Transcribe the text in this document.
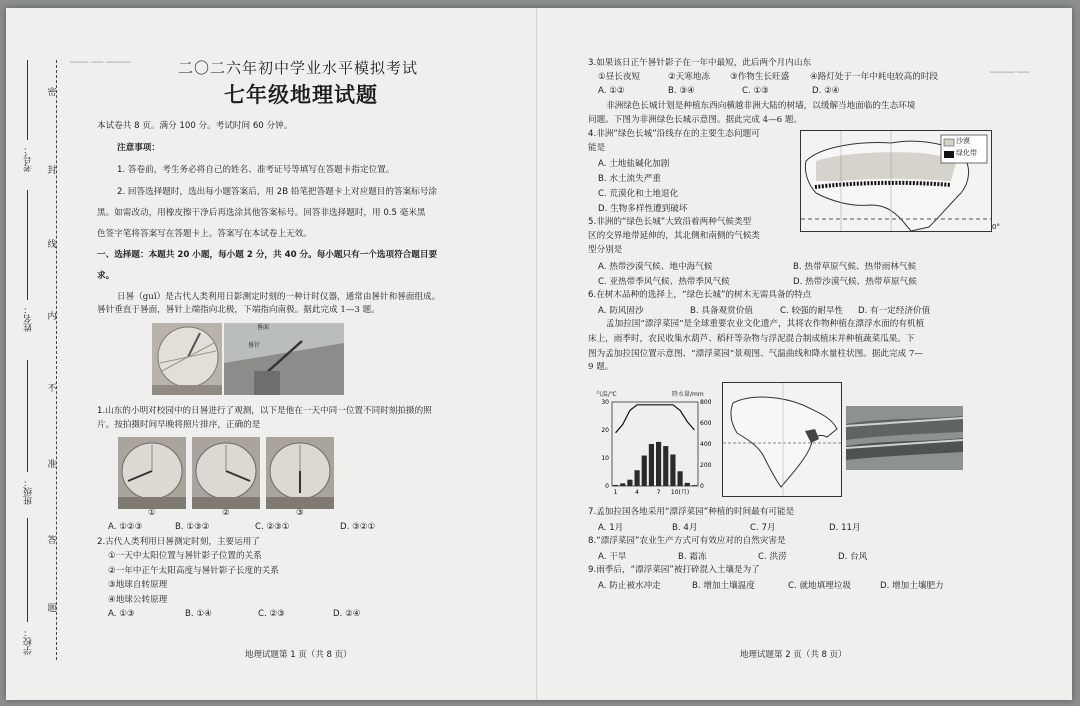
▔▔▔ ▔▔ ▔▔▔▔
▔▔▔▔ ▔▔
密
封
线
内
不
准
答
题
考号：
姓名：
班级：
学校：
二〇二六年初中学业水平模拟考试
七年级地理试题
本试卷共 8 页。满分 100 分。考试时间 60 分钟。
注意事项：
1. 答卷前，考生务必将自己的姓名、准考证号等填写在答题卡指定位置。
2. 回答选择题时，选出每小题答案后，用 2B 铅笔把答题卡上对应题目的答案标号涂
黑。如需改动，用橡皮擦干净后再选涂其他答案标号。回答非选择题时，用 0.5 毫米黑
色签字笔将答案写在答题卡上。答案写在本试卷上无效。
一、选择题：本题共 20 小题，每小题 2 分，共 40 分。每小题只有一个选项符合题目要
求。
日晷（guǐ）是古代人类利用日影测定时刻的一种计时仪器，通常由晷针和晷面组成。
晷针垂直于晷面，晷针上端指向北极，下端指向南极。据此完成 1—3 题。
晷面
晷针
1.山东的小明对校园中的日晷进行了观测，以下是他在一天中同一位置不同时刻拍摄的照
片。按拍摄时间早晚将照片排序，正确的是
①	②	③
A. ①②③	B. ①③②	C. ②③①	D. ③②①
2.古代人类利用日晷测定时刻，主要运用了
①一天中太阳位置与晷针影子位置的关系
②一年中正午太阳高度与晷针影子长度的关系
③地球自转原理
④地球公转原理
A. ①③	B. ①④	C. ②③	D. ②④
地理试题第 1 页（共 8 页）
3.如果该日正午晷针影子在一年中最短，此后两个月内山东
①昼长夜短	②天寒地冻 ③作物生长旺盛 ④路灯处于一年中耗电较高的时段
A. ①②	B. ③④	C. ①③	D. ②④
非洲绿色长城计划是种植东西向横越非洲大陆的树墙，以缓解当地面临的生态环境
问题。下图为非洲绿色长城示意图。据此完成 4—6 题。
4.非洲“绿色长城”沿线存在的主要生态问题可
能是
A. 土地盐碱化加剧
B. 水土流失严重
C. 荒漠化和土地退化
D. 生物多样性遭到破坏
沙漠
绿化带
0°
5.非洲的“绿色长城”大致沿着两种气候类型
区的交界地带延伸的，其北侧和南侧的气候类
型分别是
A. 热带沙漠气候、地中海气候	B. 热带草原气候、热带雨林气候
C. 亚热带季风气候、热带季风气候	D. 热带沙漠气候、热带草原气候
6.在树木品种的选择上，“绿色长城”的树木无需具备的特点
A. 防风固沙	B. 具备观赏价值	C. 较强的耐旱性 D. 有一定经济价值
孟加拉国“漂浮菜园”是全球重要农业文化遗产，其将农作物种植在漂浮水面的有机植
床上，雨季时，农民收集水葫芦、稻秆等杂物与浮泥混合制成植床并种植蔬菜瓜果。下
图为孟加拉国位置示意图、“漂浮菜园”景观图、气温曲线和降水量柱状图。据此完成 7—
9 题。
30
20
10
0
800
600
400
200
0
1	4	7 10(月)
气温/℃	降水量/mm
7.孟加拉国各地采用“漂浮菜园”种植的时间最有可能是
A. 1月	B. 4月	C. 7月	D. 11月
8.“漂浮菜园”农业生产方式可有效应对的自然灾害是
A. 干旱	B. 霜冻	C. 洪涝	D. 台风
9.雨季后，“漂浮菜园”被打碎混入土壤是为了
A. 防止被水冲走	B. 增加土壤温度	C. 就地填埋垃圾	D. 增加土壤肥力
地理试题第 2 页（共 8 页）
